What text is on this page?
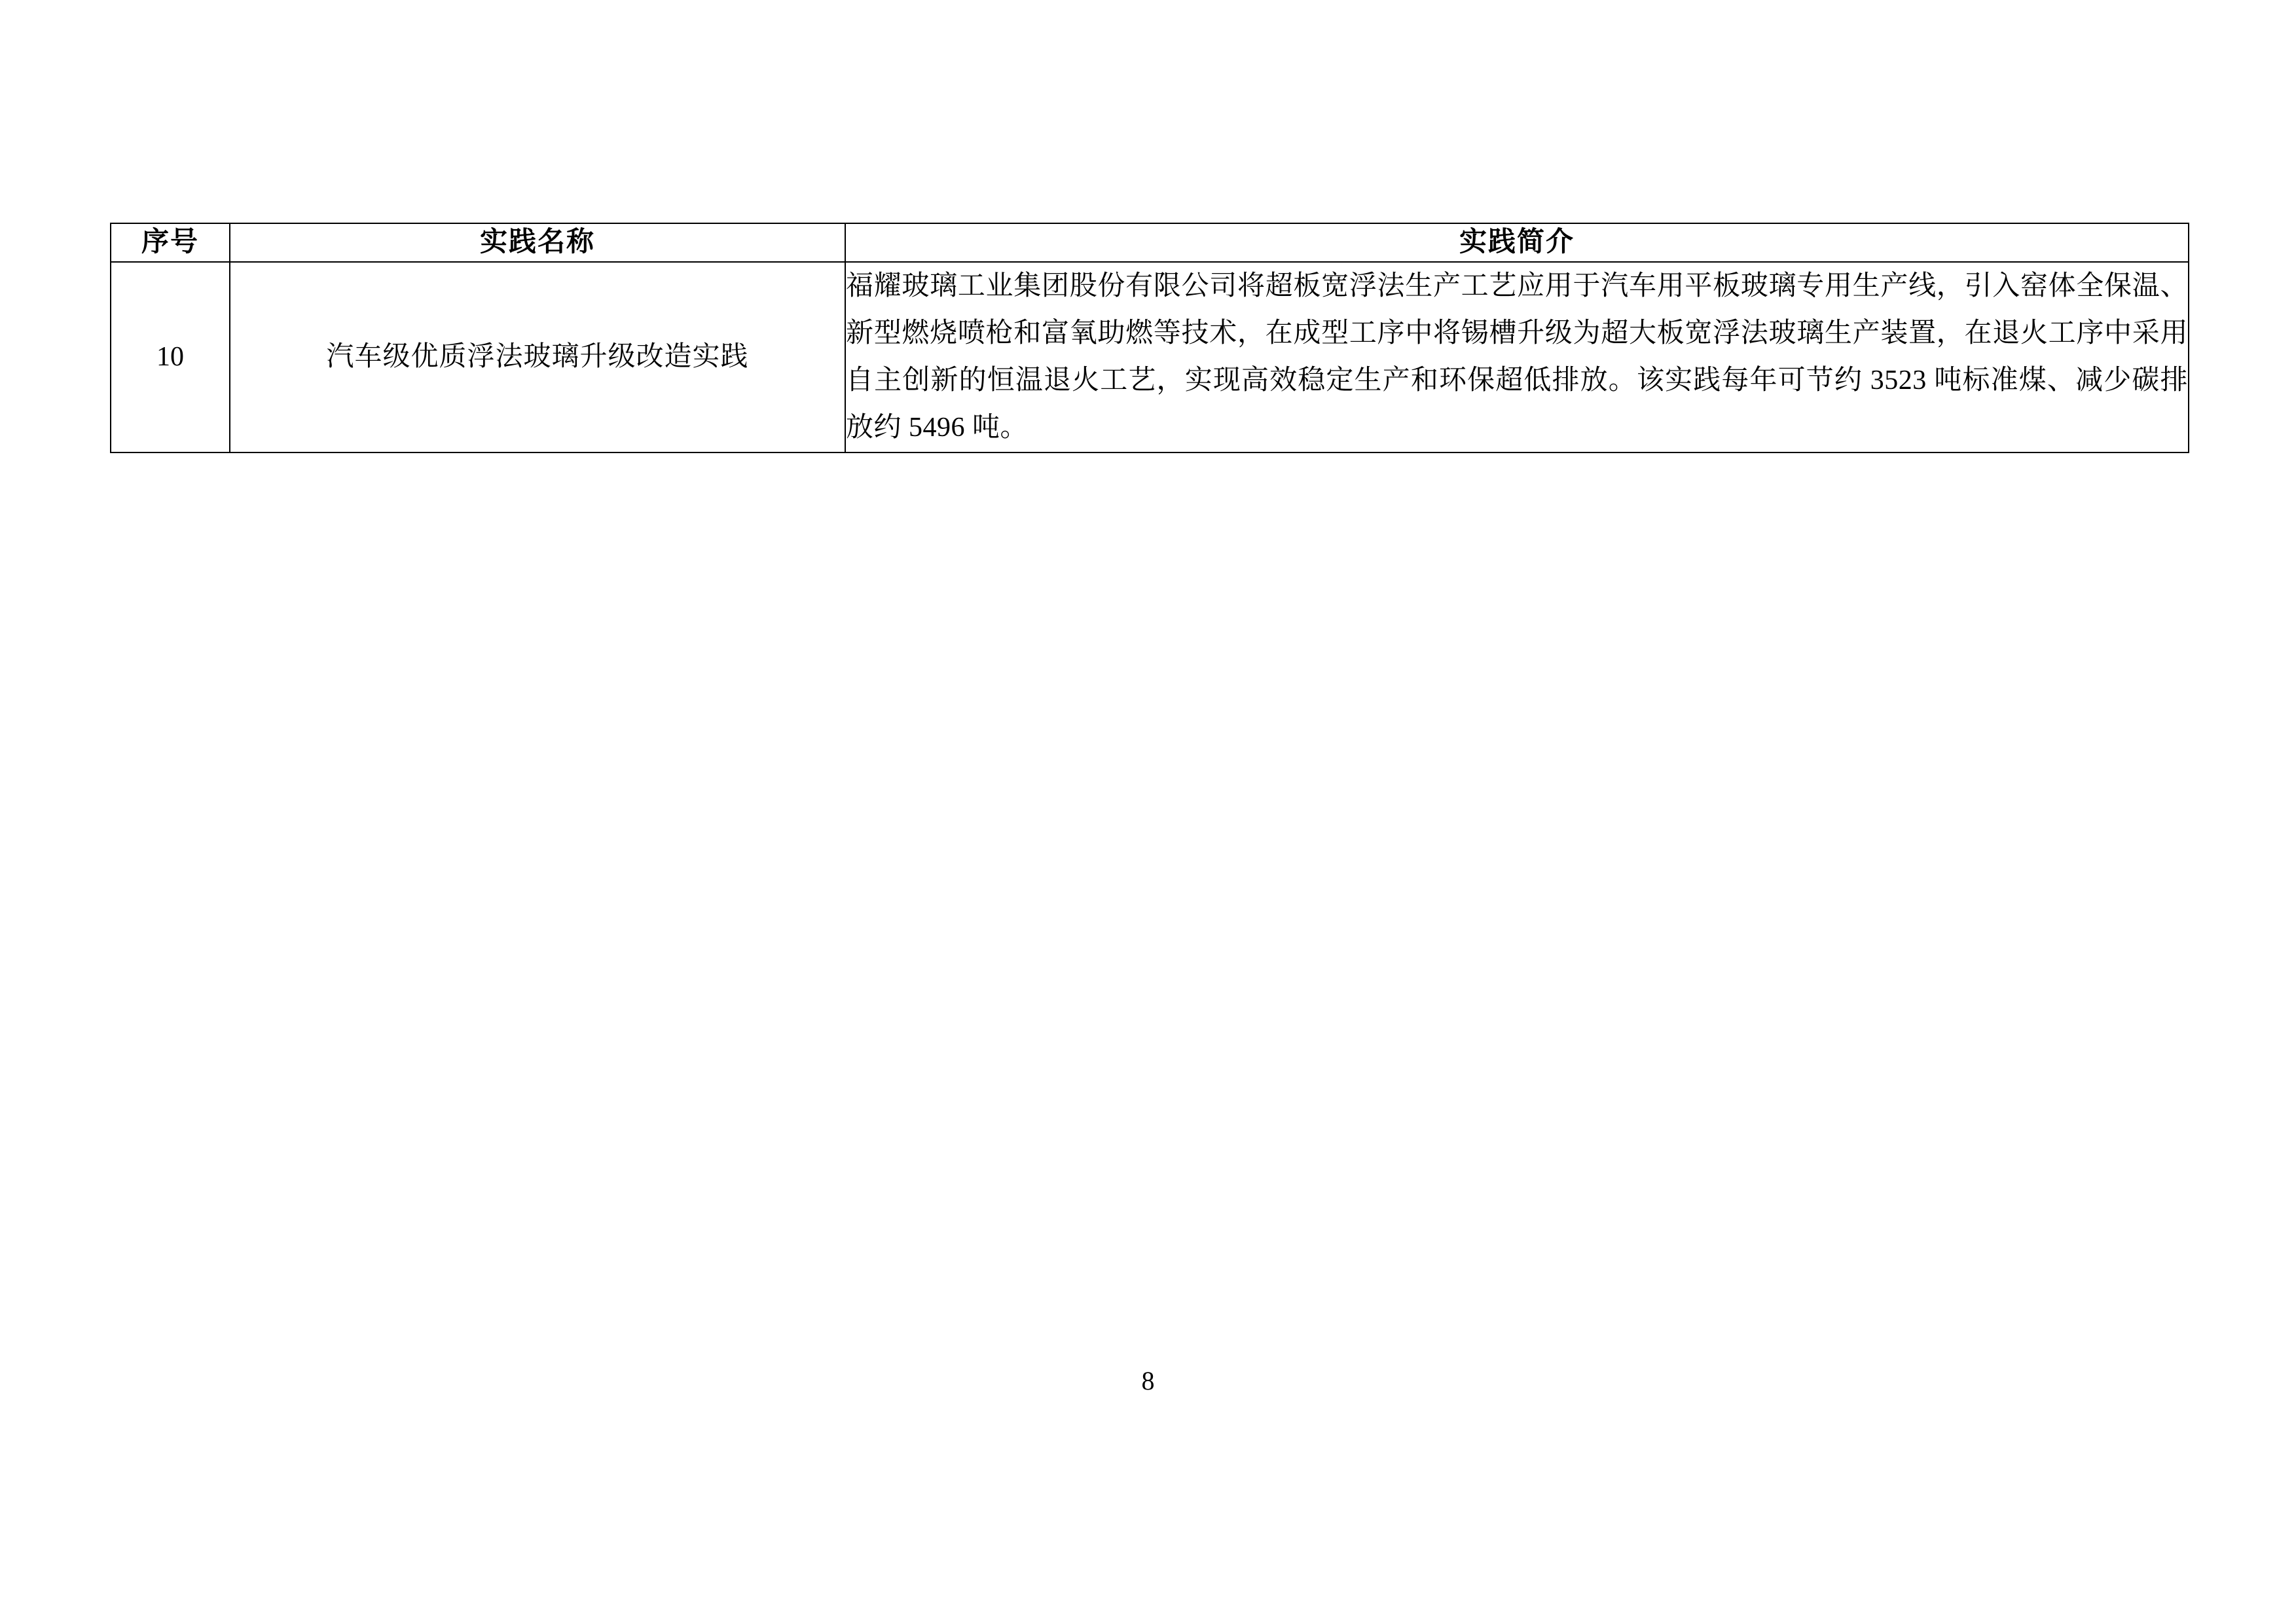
序号	实践名称	实践简介
10	汽车级优质浮法玻璃升级改造实践	福耀玻璃工业集团股份有限公司将超板宽浮法生产工艺应用于汽车用平板玻璃专用生产线，引入窑体全保温、新型燃烧喷枪和富氧助燃等技术，在成型工序中将锡槽升级为超大板宽浮法玻璃生产装置，在退火工序中采用自主创新的恒温退火工艺，实现高效稳定生产和环保超低排放。该实践每年可节约 3523 吨标准煤、减少碳排放约 5496 吨。
8
